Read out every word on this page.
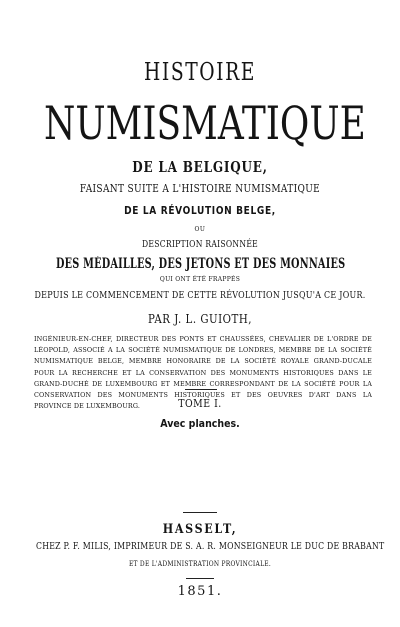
HISTOIRE
NUMISMATIQUE
DE LA BELGIQUE,
FAISANT SUITE A L'HISTOIRE NUMISMATIQUE
DE LA RÉVOLUTION BELGE,
OU
DESCRIPTION RAISONNÉE
DES MÉDAILLES, DES JETONS ET DES MONNAIES
QUI ONT ÉTÉ FRAPPÉS
DEPUIS LE COMMENCEMENT DE CETTE RÉVOLUTION JUSQU'A CE JOUR.
PAR J. L. GUIOTH,
INGÉNIEUR-EN-CHEF, DIRECTEUR DES PONTS ET CHAUSSÉES, CHEVALIER DE L'ORDRE DE LÉOPOLD, ASSOCIÉ A LA SOCIÉTÉ NUMISMATIQUE DE LONDRES, MEMBRE DE LA SOCIÉTÉ NUMISMATIQUE BELGE, MEMBRE HONORAIRE DE LA SOCIÉTÉ ROYALE GRAND-DUCALE POUR LA RECHERCHE ET LA CONSERVATION DES MONUMENTS HISTORIQUES DANS LE GRAND-DUCHÉ DE LUXEMBOURG ET MEMBRE CORRESPONDANT DE LA SOCIÉTÉ POUR LA CONSERVATION DES MONUMENTS HISTORIQUES ET DES OEUVRES D'ART DANS LA PROVINCE DE LUXEMBOURG.	TOME I.
Avec planches.
HASSELT,
CHEZ P. F. MILIS, IMPRIMEUR DE S. A. R. MONSEIGNEUR LE DUC DE BRABANT
ET DE L'ADMINISTRATION PROVINCIALE.
1851.
